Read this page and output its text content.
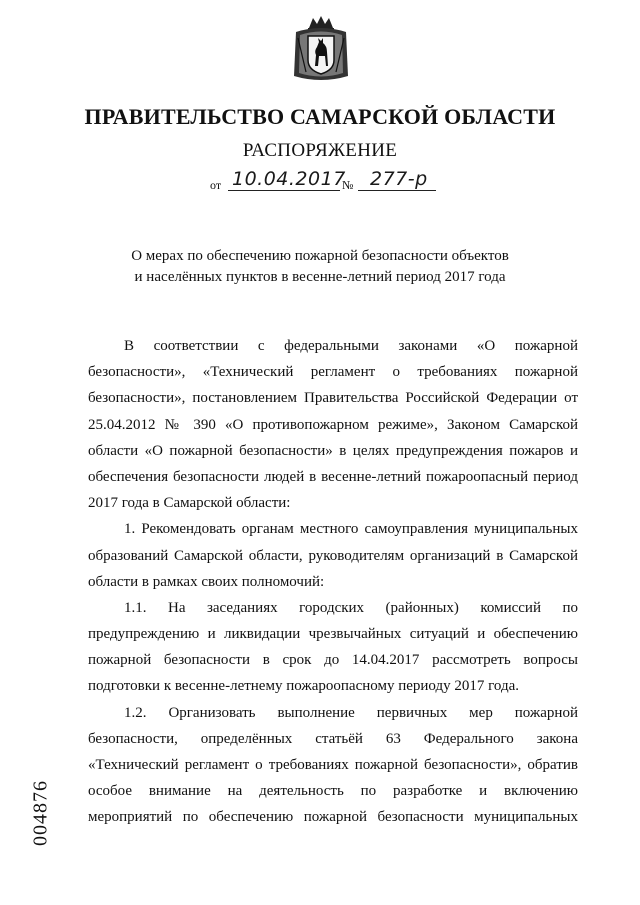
ПРАВИТЕЛЬСТВО САМАРСКОЙ ОБЛАСТИ
РАСПОРЯЖЕНИЕ
от 10.04.2017
№ 277-р
О мерах по обеспечению пожарной безопасности объектов
и населённых пунктов в весенне-летний период 2017 года
В соответствии с федеральными законами «О пожарной
безопасности», «Технический регламент о требованиях пожарной
безопасности», постановлением Правительства Российской Федерации от
25.04.2012 № 390 «О противопожарном режиме», Законом Самарской
области «О пожарной безопасности» в целях предупреждения пожаров и
обеспечения безопасности людей в весенне-летний пожароопасный период
2017 года в Самарской области:
1. Рекомендовать органам местного самоуправления муниципальных
образований Самарской области, руководителям организаций в Самарской
области в рамках своих полномочий:
1.1. На заседаниях городских (районных) комиссий по
предупреждению и ликвидации чрезвычайных ситуаций и обеспечению
пожарной безопасности в срок до 14.04.2017 рассмотреть вопросы
подготовки к весенне-летнему пожароопасному периоду 2017 года.
1.2. Организовать выполнение первичных мер пожарной
безопасности, определённых статьёй 63 Федерального закона
«Технический регламент о требованиях пожарной безопасности», обратив
особое внимание на деятельность по разработке и включению
мероприятий по обеспечению пожарной безопасности муниципальных
004876
